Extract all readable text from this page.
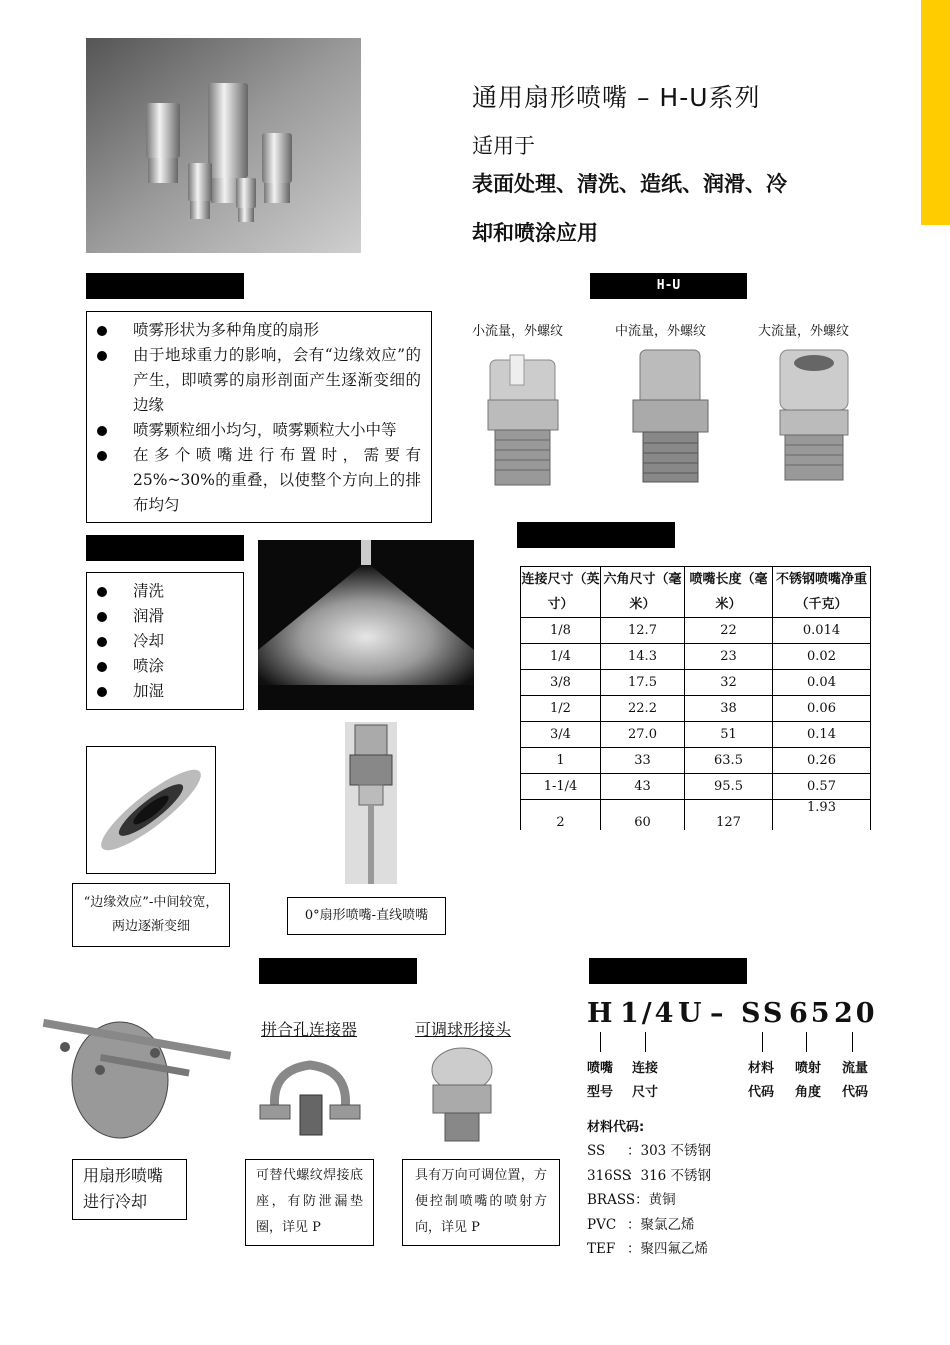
通用扇形喷嘴 – H-U系列
适用于
表面处理、清洗、造纸、润滑、冷
却和喷涂应用
H-U
喷雾形状为多种角度的扇形
由于地球重力的影响，会有“边缘效应”的产生，即喷雾的扇形剖面产生逐渐变细的边缘
喷雾颗粒细小均匀，喷雾颗粒大小中等
在多个喷嘴进行布置时，需要有25%~30%的重叠，以使整个方向上的排布均匀
小流量，外螺纹	中流量，外螺纹	大流量，外螺纹
清洗
润滑
冷却
喷涂
加湿
连接尺寸（英寸）	六角尺寸（毫米）	喷嘴长度（毫米）	不锈钢喷嘴净重（千克）
1/8	12.7	22	0.014
1/4	14.3	23	0.02
3/8	17.5	32	0.04
1/2	22.2	38	0.06
3/4	27.0	51	0.14
1	33	63.5	0.26
1-1/4	43	95.5	0.57
2	60	127	1.93
“边缘效应”-中间较宽，两边逐渐变细
0°扇形喷嘴-直线喷嘴
用扇形喷嘴进行冷却
拼合孔连接器
可替代螺纹焊接底座，有防泄漏垫圈，详见 P
可调球形接头
具有万向可调位置，方便控制喷嘴的喷射方向，详见 P
H 1/4 U – SS 65 20
喷嘴
型号
连接
尺寸
材料
代码
喷射
角度
流量
代码
材料代码:
SS ：303 不锈钢
316SS：316 不锈钢
BRASS：黄铜
PVC ：聚氯乙烯
TEF ：聚四氟乙烯
